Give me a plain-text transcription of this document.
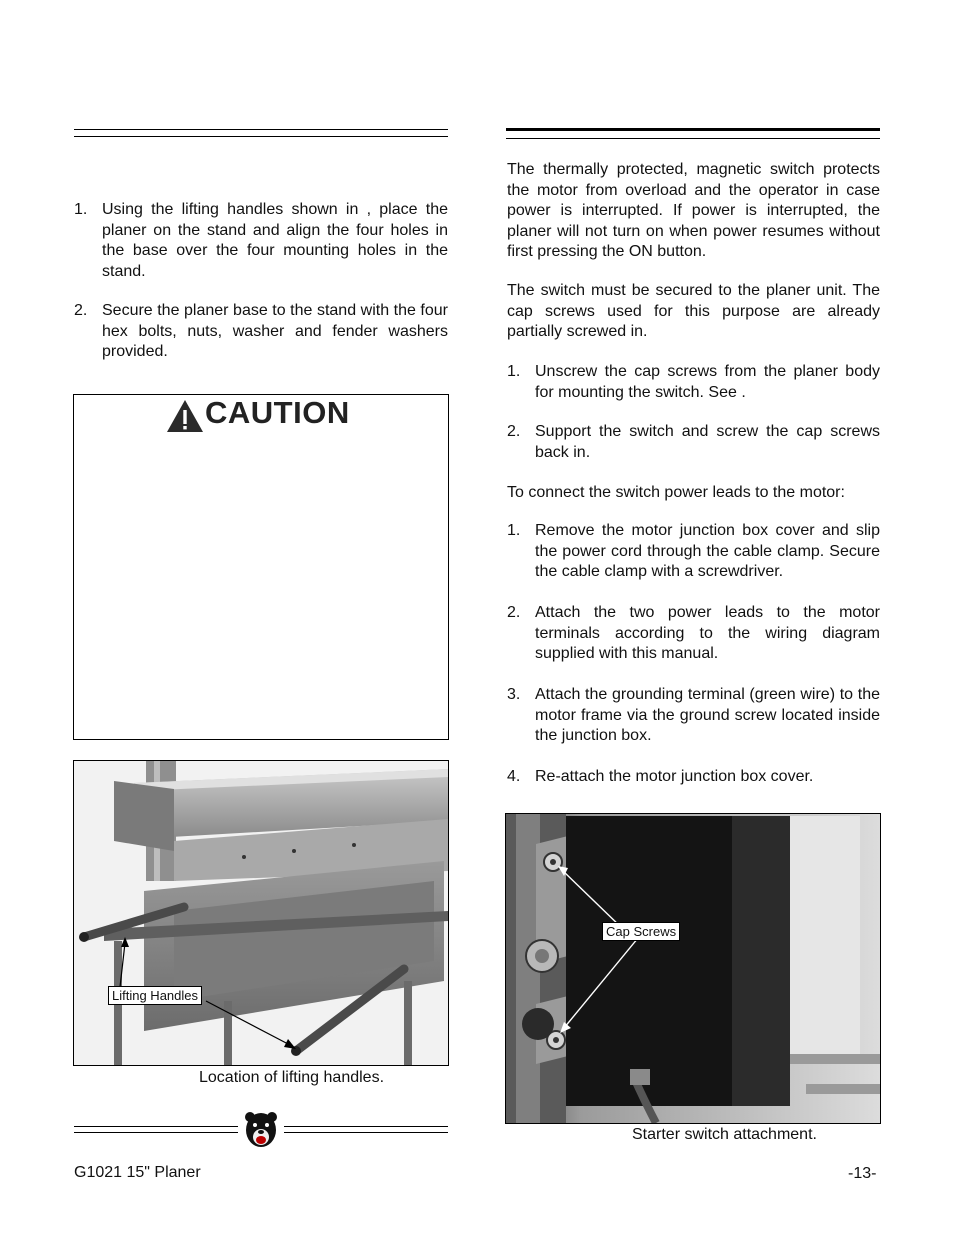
1. Using the lifting handles shown in , place the planer on the stand and align the four holes in the base over the four mounting holes in the stand.
2. Secure the planer base to the stand with the four hex bolts, nuts, washer and fender washers provided.
CAUTION
Lifting Handles
Location of lifting handles.
The thermally protected, magnetic switch protects the motor from overload and the operator in case power is interrupted. If power is interrupted, the planer will not turn on when power resumes without first pressing the ON button.
The switch must be secured to the planer unit. The cap screws used for this purpose are already partially screwed in.
1. Unscrew the cap screws from the planer body for mounting the switch. See .
2. Support the switch and screw the cap screws back in.
To connect the switch power leads to the motor:
1. Remove the motor junction box cover and slip the power cord through the cable clamp. Secure the cable clamp with a screwdriver.
2. Attach the two power leads to the motor terminals according to the wiring diagram supplied with this manual.
3. Attach the grounding terminal (green wire) to the motor frame via the ground screw located inside the junction box.
4. Re-attach the motor junction box cover.
Cap Screws
Starter switch attachment.
G1021 15" Planer	-13-
